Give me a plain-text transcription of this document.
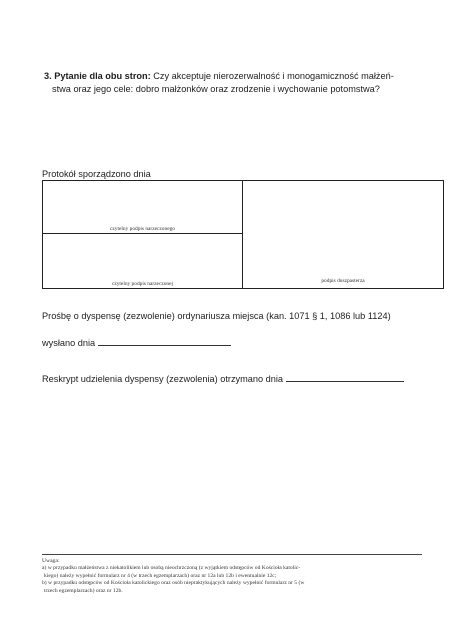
3. Pytanie dla obu stron: Czy akceptuje nierozerwalność i monogamiczność małżeń-
stwa oraz jego cele: dobro małżonków oraz zrodzenie i wychowanie potomstwa?

Protokół sporządzono dnia

czytelny podpis narzeczonego
czytelny podpis narzeczonej	podpis duszpasterza

Prośbę o dyspensę (zezwolenie) ordynariusza miejsca (kan. 1071 § 1, 1086 lub 1124)

wysłano dnia

Reskrypt udzielenia dyspensy (zezwolenia) otrzymano dnia

Uwaga:
a) w przypadku małżeństwa z niekatolikiem lub osobą nieochrzczoną (z wyjątkiem odstępców od Kościoła katolic-
kiego) należy wypełnić formularz nr 4 (w trzech egzemplarzach) oraz nr 12a lub 12b i ewentualnie 12c;
b) w przypadku odstępców od Kościoła katolickiego oraz osób niepraktykujących należy wypełnić formularz nr 5 (w
trzech egzemplarzach) oraz nr 12b.
